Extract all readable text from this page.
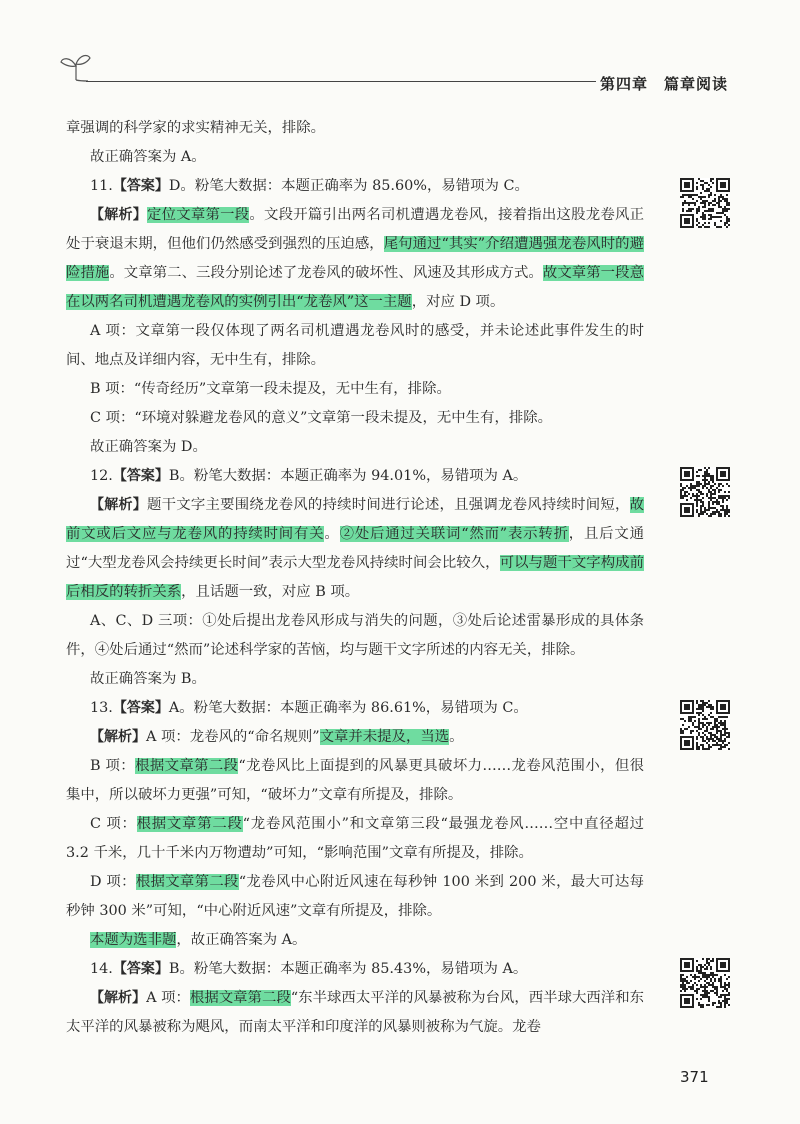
第四章 篇章阅读

章强调的科学家的求实精神无关，排除。

故正确答案为 A。

11.【答案】D。粉笔大数据：本题正确率为 85.60%，易错项为 C。

【解析】定位文章第一段。文段开篇引出两名司机遭遇龙卷风，接着指出这股龙卷风正处于衰退末期，但他们仍然感受到强烈的压迫感，尾句通过“其实”介绍遭遇强龙卷风时的避险措施。文章第二、三段分别论述了龙卷风的破坏性、风速及其形成方式。故文章第一段意在以两名司机遭遇龙卷风的实例引出“龙卷风”这一主题，对应 D 项。

A 项：文章第一段仅体现了两名司机遭遇龙卷风时的感受，并未论述此事件发生的时间、地点及详细内容，无中生有，排除。

B 项：“传奇经历”文章第一段未提及，无中生有，排除。

C 项：“环境对躲避龙卷风的意义”文章第一段未提及，无中生有，排除。

故正确答案为 D。

12.【答案】B。粉笔大数据：本题正确率为 94.01%，易错项为 A。

【解析】题干文字主要围绕龙卷风的持续时间进行论述，且强调龙卷风持续时间短，故前文或后文应与龙卷风的持续时间有关。②处后通过关联词“然而”表示转折，且后文通过“大型龙卷风会持续更长时间”表示大型龙卷风持续时间会比较久，可以与题干文字构成前后相反的转折关系，且话题一致，对应 B 项。

A、C、D 三项：①处后提出龙卷风形成与消失的问题，③处后论述雷暴形成的具体条件，④处后通过“然而”论述科学家的苦恼，均与题干文字所述的内容无关，排除。

故正确答案为 B。

13.【答案】A。粉笔大数据：本题正确率为 86.61%，易错项为 C。

【解析】A 项：龙卷风的“命名规则”文章并未提及，当选。

B 项：根据文章第二段“龙卷风比上面提到的风暴更具破坏力……龙卷风范围小，但很集中，所以破坏力更强”可知，“破坏力”文章有所提及，排除。

C 项：根据文章第二段“龙卷风范围小”和文章第三段“最强龙卷风……空中直径超过 3.2 千米，几十千米内万物遭劫”可知，“影响范围”文章有所提及，排除。

D 项：根据文章第二段“龙卷风中心附近风速在每秒钟 100 米到 200 米，最大可达每秒钟 300 米”可知，“中心附近风速”文章有所提及，排除。

本题为选非题，故正确答案为 A。

14.【答案】B。粉笔大数据：本题正确率为 85.43%，易错项为 A。

【解析】A 项：根据文章第二段“东半球西太平洋的风暴被称为台风，西半球大西洋和东太平洋的风暴被称为飓风，而南太平洋和印度洋的风暴则被称为气旋。龙卷

371
